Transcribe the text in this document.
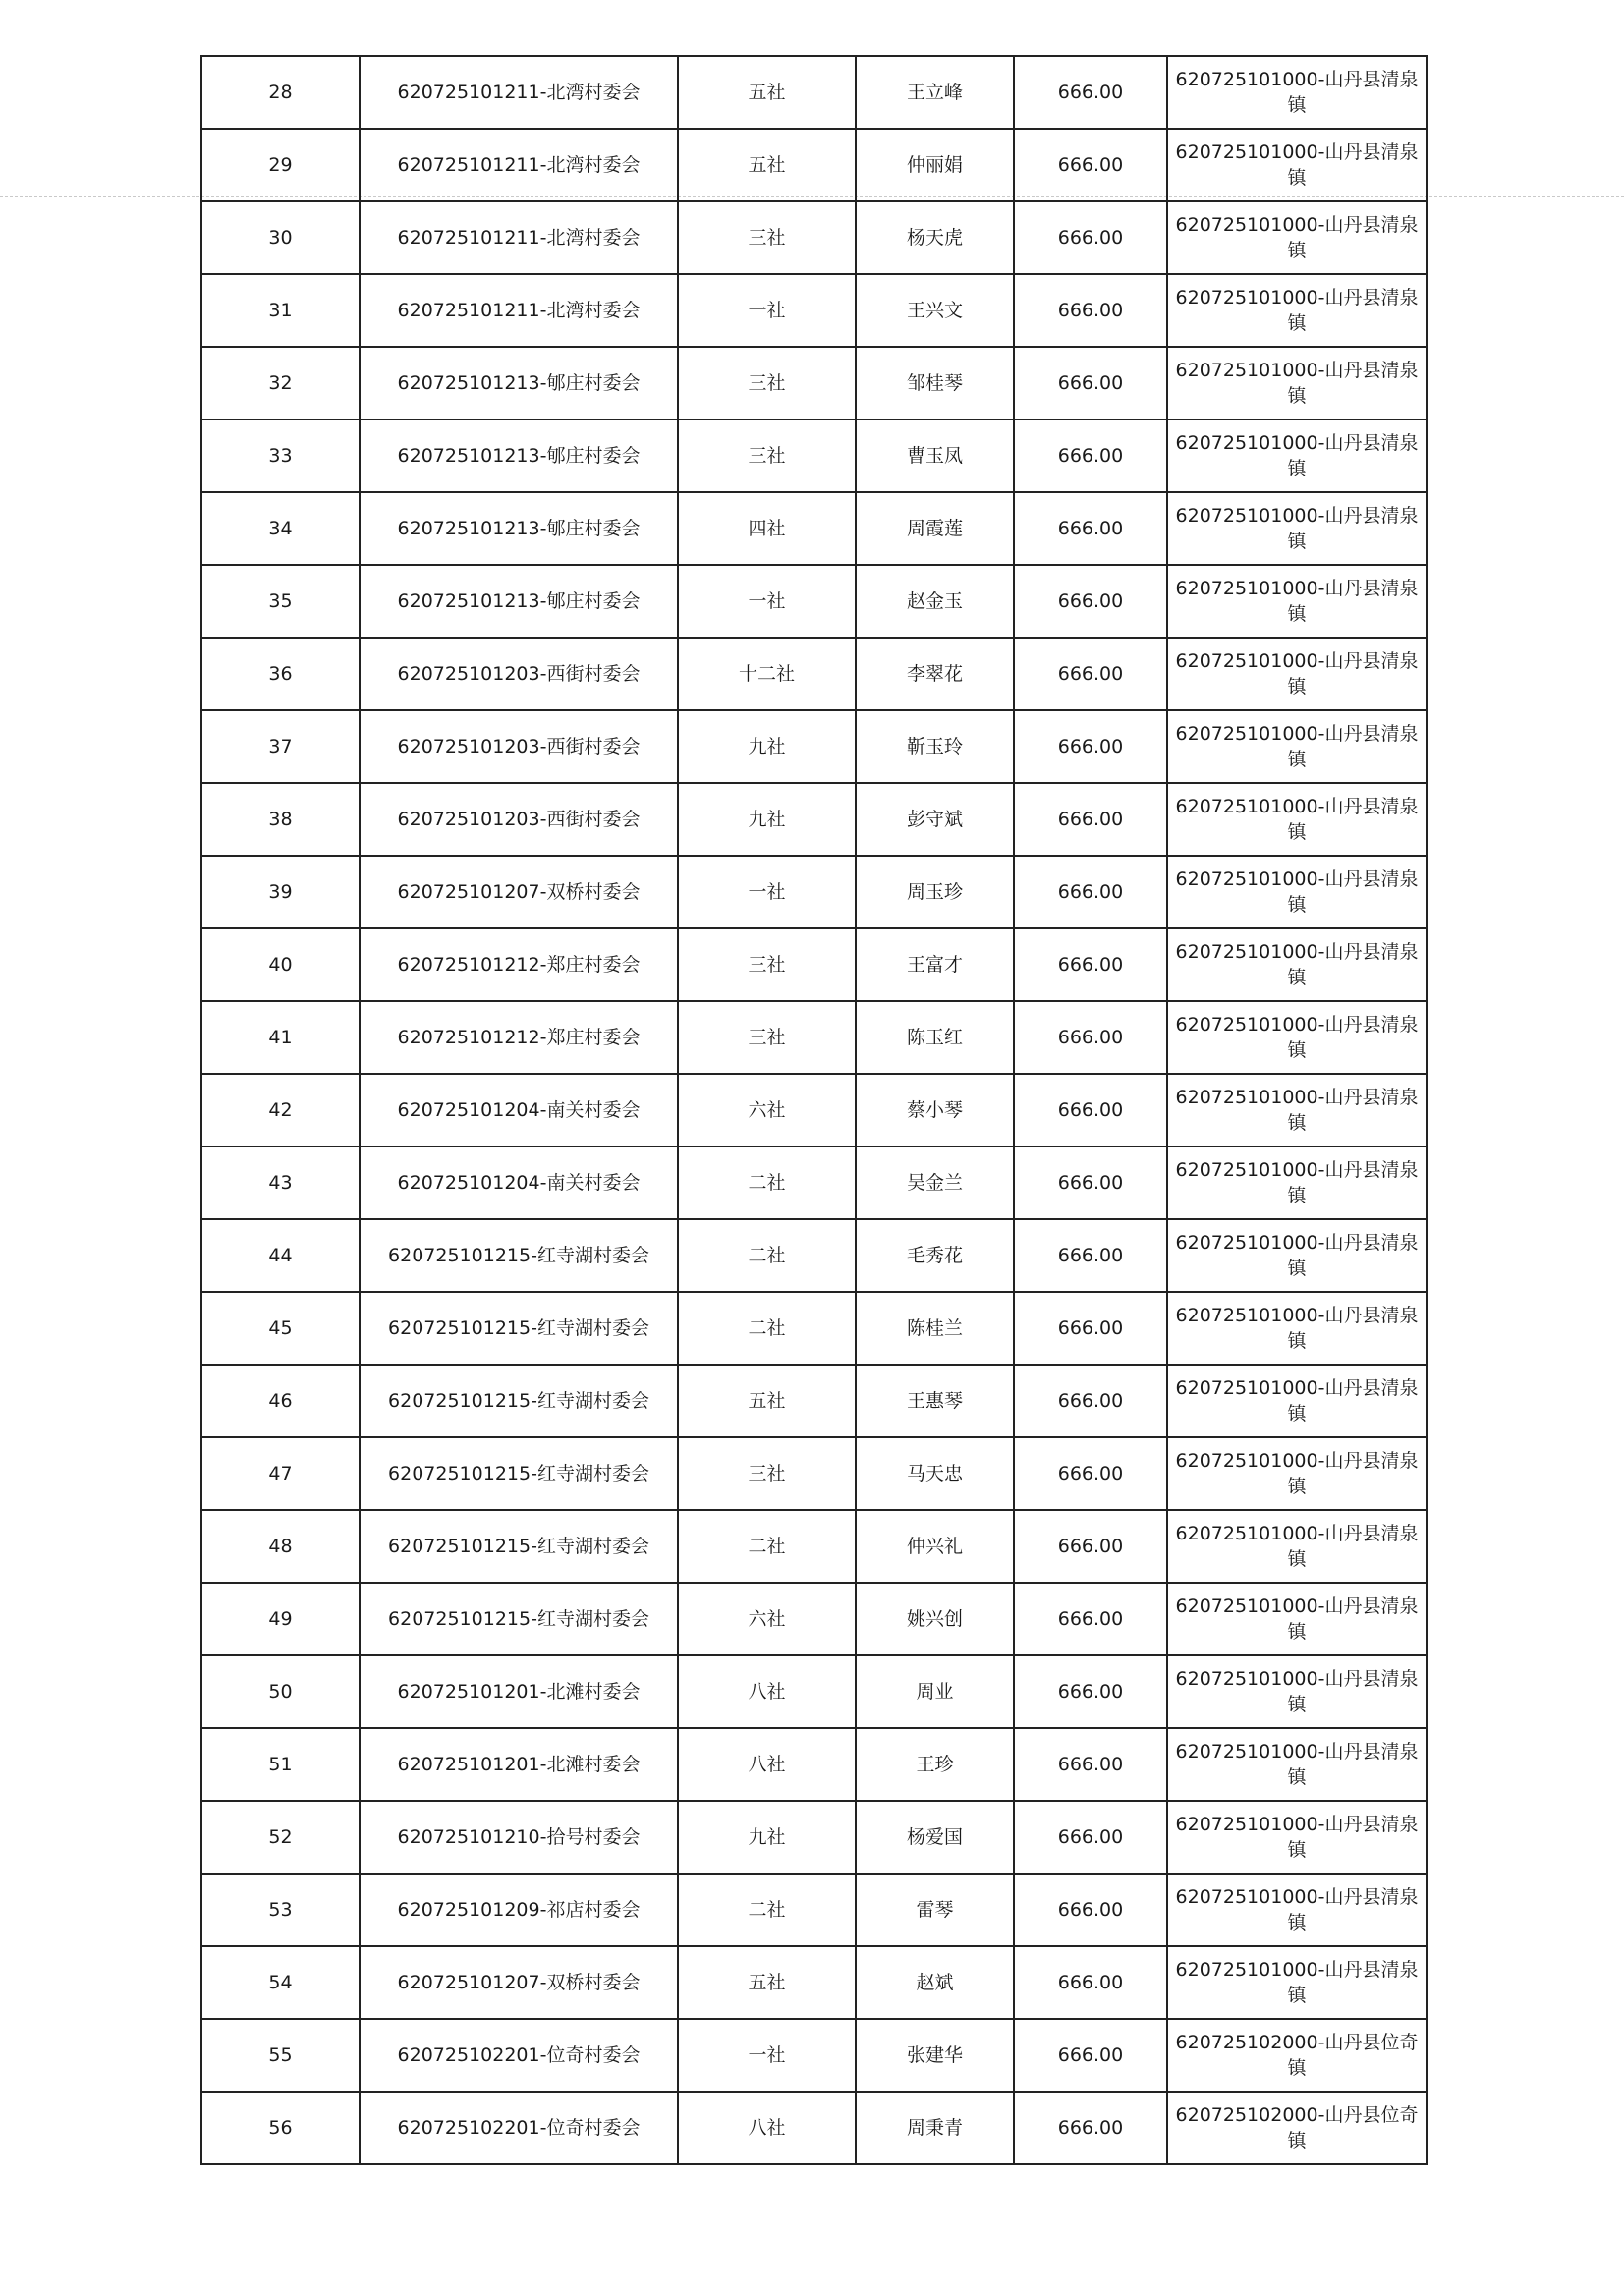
28	620725101211-北湾村委会	五社	王立峰	666.00	620725101000-山丹县清泉镇
29	620725101211-北湾村委会	五社	仲丽娟	666.00	620725101000-山丹县清泉镇
30	620725101211-北湾村委会	三社	杨天虎	666.00	620725101000-山丹县清泉镇
31	620725101211-北湾村委会	一社	王兴文	666.00	620725101000-山丹县清泉镇
32	620725101213-郇庄村委会	三社	邹桂琴	666.00	620725101000-山丹县清泉镇
33	620725101213-郇庄村委会	三社	曹玉凤	666.00	620725101000-山丹县清泉镇
34	620725101213-郇庄村委会	四社	周霞莲	666.00	620725101000-山丹县清泉镇
35	620725101213-郇庄村委会	一社	赵金玉	666.00	620725101000-山丹县清泉镇
36	620725101203-西街村委会	十二社	李翠花	666.00	620725101000-山丹县清泉镇
37	620725101203-西街村委会	九社	靳玉玲	666.00	620725101000-山丹县清泉镇
38	620725101203-西街村委会	九社	彭守斌	666.00	620725101000-山丹县清泉镇
39	620725101207-双桥村委会	一社	周玉珍	666.00	620725101000-山丹县清泉镇
40	620725101212-郑庄村委会	三社	王富才	666.00	620725101000-山丹县清泉镇
41	620725101212-郑庄村委会	三社	陈玉红	666.00	620725101000-山丹县清泉镇
42	620725101204-南关村委会	六社	蔡小琴	666.00	620725101000-山丹县清泉镇
43	620725101204-南关村委会	二社	吴金兰	666.00	620725101000-山丹县清泉镇
44	620725101215-红寺湖村委会	二社	毛秀花	666.00	620725101000-山丹县清泉镇
45	620725101215-红寺湖村委会	二社	陈桂兰	666.00	620725101000-山丹县清泉镇
46	620725101215-红寺湖村委会	五社	王惠琴	666.00	620725101000-山丹县清泉镇
47	620725101215-红寺湖村委会	三社	马天忠	666.00	620725101000-山丹县清泉镇
48	620725101215-红寺湖村委会	二社	仲兴礼	666.00	620725101000-山丹县清泉镇
49	620725101215-红寺湖村委会	六社	姚兴创	666.00	620725101000-山丹县清泉镇
50	620725101201-北滩村委会	八社	周业	666.00	620725101000-山丹县清泉镇
51	620725101201-北滩村委会	八社	王珍	666.00	620725101000-山丹县清泉镇
52	620725101210-拾号村委会	九社	杨爱国	666.00	620725101000-山丹县清泉镇
53	620725101209-祁店村委会	二社	雷琴	666.00	620725101000-山丹县清泉镇
54	620725101207-双桥村委会	五社	赵斌	666.00	620725101000-山丹县清泉镇
55	620725102201-位奇村委会	一社	张建华	666.00	620725102000-山丹县位奇镇
56	620725102201-位奇村委会	八社	周秉青	666.00	620725102000-山丹县位奇镇
